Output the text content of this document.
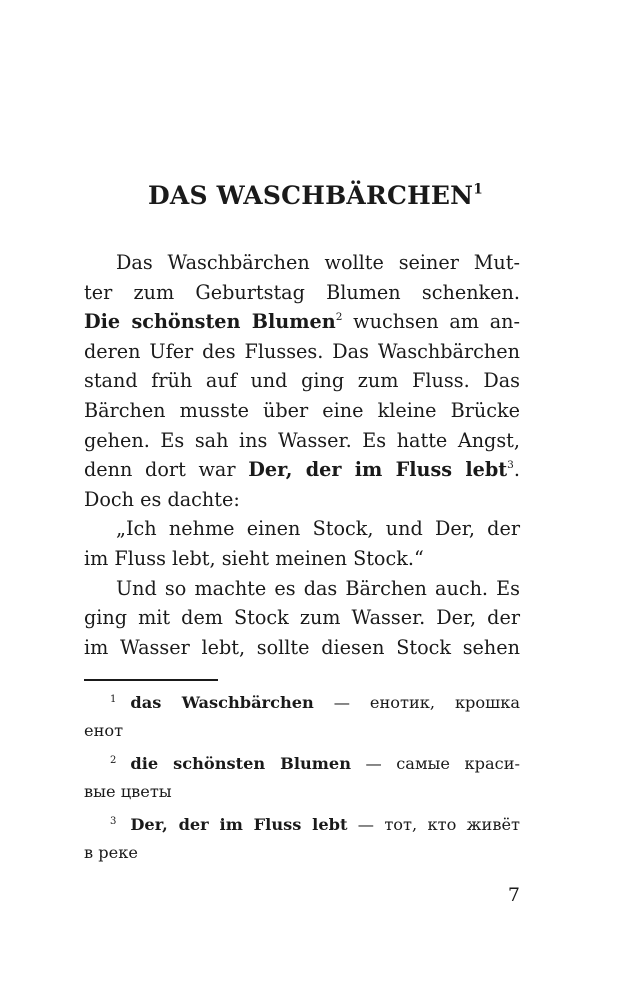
DAS WASCHBÄRCHEN$^1$
Das Waschbärchen wollte seiner Mut-
ter zum Geburtstag Blumen schenken.
Die schönsten Blumen$^2$ wuchsen am an-
deren Ufer des Flusses. Das Waschbärchen
stand früh auf und ging zum Fluss. Das
Bärchen musste über eine kleine Brücke
gehen. Es sah ins Wasser. Es hatte Angst,
denn dort war Der, der im Fluss lebt$^3$.
Doch es dachte:
„Ich nehme einen Stock, und Der, der
im Fluss lebt, sieht meinen Stock.“
Und so machte es das Bärchen auch. Es
ging mit dem Stock zum Wasser. Der, der
im Wasser lebt, sollte diesen Stock sehen
$^1$ das Waschbärchen — енотик, крошка
енот
$^2$ die schönsten Blumen — самые краси-
вые цветы
$^3$ Der, der im Fluss lebt — тот, кто живёт
в реке
7
